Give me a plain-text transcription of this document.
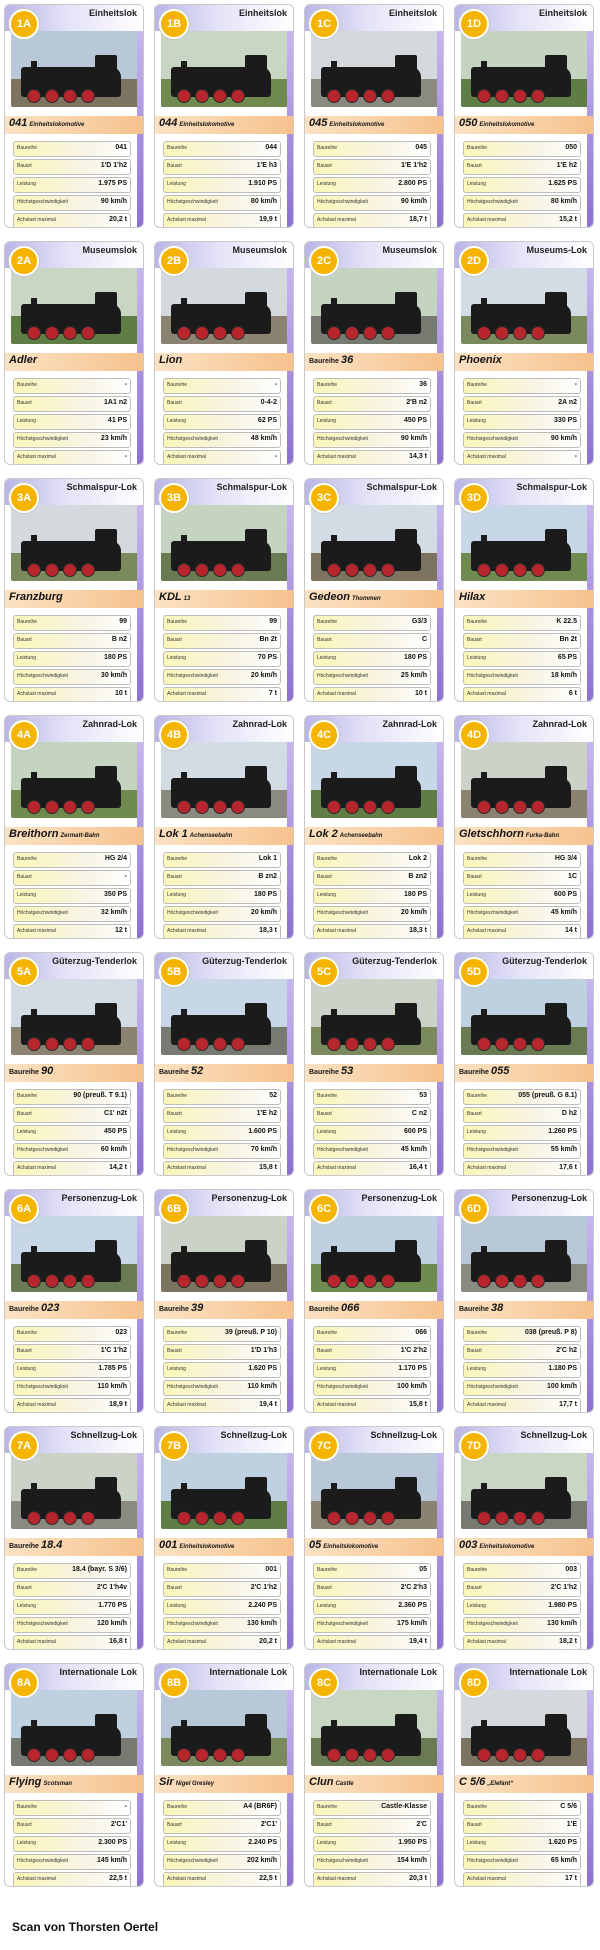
Einheitslok
1A
041 Einheitslokomotive
Baureihe	041
Bauart	1'D 1'h2
Leistung	1.975 PS
Höchstgeschwindigkeit	90 km/h
Achslast maximal	20,2 t
Einheitslok
1B
044 Einheitslokomotive
Baureihe	044
Bauart	1'E h3
Leistung	1.910 PS
Höchstgeschwindigkeit	80 km/h
Achslast maximal	19,9 t
Einheitslok
1C
045 Einheitslokomotive
Baureihe	045
Bauart	1'E 1'h2
Leistung	2.800 PS
Höchstgeschwindigkeit	90 km/h
Achslast maximal	18,7 t
Einheitslok
1D
050 Einheitslokomotive
Baureihe	050
Bauart	1'E h2
Leistung	1.625 PS
Höchstgeschwindigkeit	80 km/h
Achslast maximal	15,2 t
Museumslok
2A
Adler
Baureihe	-
Bauart	1A1 n2
Leistung	41 PS
Höchstgeschwindigkeit	23 km/h
Achslast maximal	-
Museumslok
2B
Lion
Baureihe	-
Bauart	0-4-2
Leistung	62 PS
Höchstgeschwindigkeit	48 km/h
Achslast maximal	-
Museumslok
2C
Baureihe 36
Baureihe	36
Bauart	2'B n2
Leistung	450 PS
Höchstgeschwindigkeit	90 km/h
Achslast maximal	14,3 t
Museums-Lok
2D
Phoenix
Baureihe	-
Bauart	2A n2
Leistung	330 PS
Höchstgeschwindigkeit	90 km/h
Achslast maximal	-
Schmalspur-Lok
3A
Franzburg
Baureihe	99
Bauart	B n2
Leistung	180 PS
Höchstgeschwindigkeit	30 km/h
Achslast maximal	10 t
Schmalspur-Lok
3B
KDL 13
Baureihe	99
Bauart	Bn 2t
Leistung	70 PS
Höchstgeschwindigkeit	20 km/h
Achslast maximal	7 t
Schmalspur-Lok
3C
Gedeon Thommen
Baureihe	G3/3
Bauart	C
Leistung	180 PS
Höchstgeschwindigkeit	25 km/h
Achslast maximal	10 t
Schmalspur-Lok
3D
Hilax
Baureihe	K 22.5
Bauart	Bn 2t
Leistung	65 PS
Höchstgeschwindigkeit	18 km/h
Achslast maximal	6 t
Zahnrad-Lok
4A
Breithorn Zermatt-Bahn
Baureihe	HG 2/4
Bauart	-
Leistung	350 PS
Höchstgeschwindigkeit	32 km/h
Achslast maximal	12 t
Zahnrad-Lok
4B
Lok 1 Achenseebahn
Baureihe	Lok 1
Bauart	B zn2
Leistung	180 PS
Höchstgeschwindigkeit	20 km/h
Achslast maximal	18,3 t
Zahnrad-Lok
4C
Lok 2 Achenseebahn
Baureihe	Lok 2
Bauart	B zn2
Leistung	180 PS
Höchstgeschwindigkeit	20 km/h
Achslast maximal	18,3 t
Zahnrad-Lok
4D
Gletschhorn Furka-Bahn
Baureihe	HG 3/4
Bauart	1C
Leistung	600 PS
Höchstgeschwindigkeit	45 km/h
Achslast maximal	14 t
Güterzug-Tenderlok
5A
Baureihe 90
Baureihe	90 (preuß. T 9.1)
Bauart	C1' n2t
Leistung	450 PS
Höchstgeschwindigkeit	60 km/h
Achslast maximal	14,2 t
Güterzug-Tenderlok
5B
Baureihe 52
Baureihe	52
Bauart	1'E h2
Leistung	1.600 PS
Höchstgeschwindigkeit	70 km/h
Achslast maximal	15,8 t
Güterzug-Tenderlok
5C
Baureihe 53
Baureihe	53
Bauart	C n2
Leistung	600 PS
Höchstgeschwindigkeit	45 km/h
Achslast maximal	16,4 t
Güterzug-Tenderlok
5D
Baureihe 055
Baureihe	055 (preuß. G 8.1)
Bauart	D h2
Leistung	1.260 PS
Höchstgeschwindigkeit	55 km/h
Achslast maximal	17,6 t
Personenzug-Lok
6A
Baureihe 023
Baureihe	023
Bauart	1'C 1'h2
Leistung	1.785 PS
Höchstgeschwindigkeit	110 km/h
Achslast maximal	18,9 t
Personenzug-Lok
6B
Baureihe 39
Baureihe	39 (preuß. P 10)
Bauart	1'D 1'h3
Leistung	1.620 PS
Höchstgeschwindigkeit	110 km/h
Achslast maximal	19,4 t
Personenzug-Lok
6C
Baureihe 066
Baureihe	066
Bauart	1'C 2'h2
Leistung	1.170 PS
Höchstgeschwindigkeit	100 km/h
Achslast maximal	15,8 t
Personenzug-Lok
6D
Baureihe 38
Baureihe	038 (preuß. P 8)
Bauart	2'C h2
Leistung	1.180 PS
Höchstgeschwindigkeit	100 km/h
Achslast maximal	17,7 t
Schnellzug-Lok
7A
Baureihe 18.4
Baureihe	18.4 (bayr. S 3/6)
Bauart	2'C 1'h4v
Leistung	1.770 PS
Höchstgeschwindigkeit	120 km/h
Achslast maximal	16,8 t
Schnellzug-Lok
7B
001 Einheitslokomotive
Baureihe	001
Bauart	2'C 1'h2
Leistung	2.240 PS
Höchstgeschwindigkeit	130 km/h
Achslast maximal	20,2 t
Schnellzug-Lok
7C
05 Einheitslokomotive
Baureihe	05
Bauart	2'C 2'h3
Leistung	2.360 PS
Höchstgeschwindigkeit	175 km/h
Achslast maximal	19,4 t
Schnellzug-Lok
7D
003 Einheitslokomotive
Baureihe	003
Bauart	2'C 1'h2
Leistung	1.980 PS
Höchstgeschwindigkeit	130 km/h
Achslast maximal	18,2 t
Internationale Lok
8A
Flying Scotsman
Baureihe	-
Bauart	2'C1'
Leistung	2.300 PS
Höchstgeschwindigkeit	145 km/h
Achslast maximal	22,5 t
Internationale Lok
8B
Sir Nigel Gresley
Baureihe	A4 (BR6F)
Bauart	2'C1'
Leistung	2.240 PS
Höchstgeschwindigkeit	202 km/h
Achslast maximal	22,5 t
Internationale Lok
8C
Clun Castle
Baureihe	Castle-Klasse
Bauart	2'C
Leistung	1.950 PS
Höchstgeschwindigkeit	154 km/h
Achslast maximal	20,3 t
Internationale Lok
8D
C 5/6 „Elefant“
Baureihe	C 5/6
Bauart	1'E
Leistung	1.620 PS
Höchstgeschwindigkeit	65 km/h
Achslast maximal	17 t
Scan von Thorsten Oertel
